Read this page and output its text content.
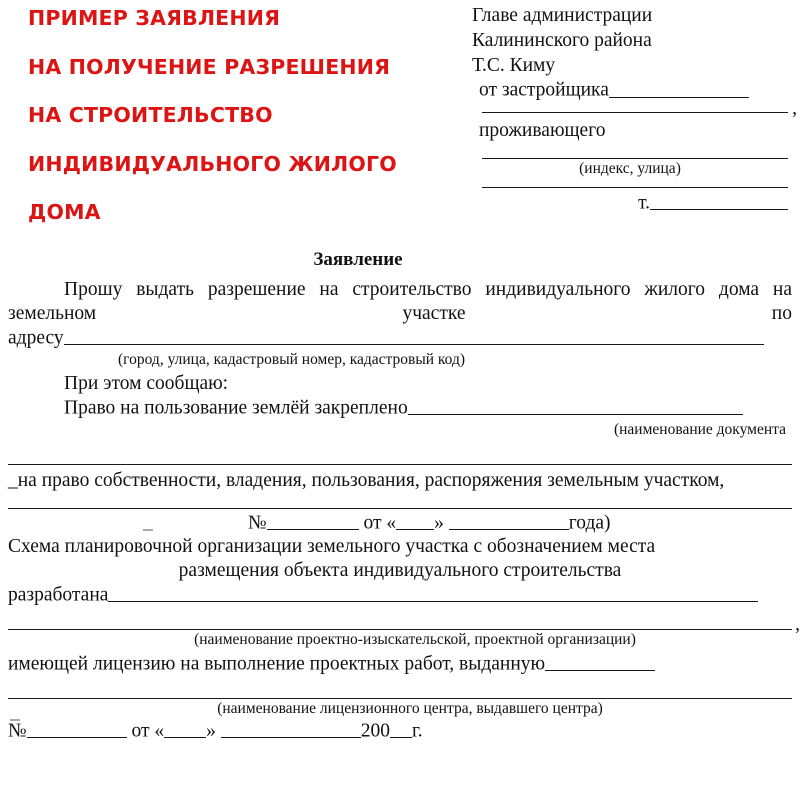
ПРИМЕР ЗАЯВЛЕНИЯ
НА ПОЛУЧЕНИЕ РАЗРЕШЕНИЯ
НА СТРОИТЕЛЬСТВО
ИНДИВИДУАЛЬНОГО ЖИЛОГО
ДОМА
Главе администрации
Калининского района
Т.С. Киму
от застройщика
,
проживающего
(индекс, улица)
т.
Заявление

Прошу выдать разрешение на строительство индивидуального жилого дома на земельном участке по

адресу

(город, улица, кадастровый номер, кадастровый код)

При этом сообщаю:

Право на пользование землёй закреплено

(наименование документа

_на право собственности, владения, пользования, распоряжения земельным участком,

_	№	от « »	года)

Схема планировочной организации земельного участка с обозначением места

размещения объекта индивидуального строительства

разработана

,

(наименование проектно-изыскательской, проектной организации)

имеющей лицензию на выполнение проектных работ, выданную

(наименование лицензионного центра, выдавшего центра)

_
№	от « »	200 г.
